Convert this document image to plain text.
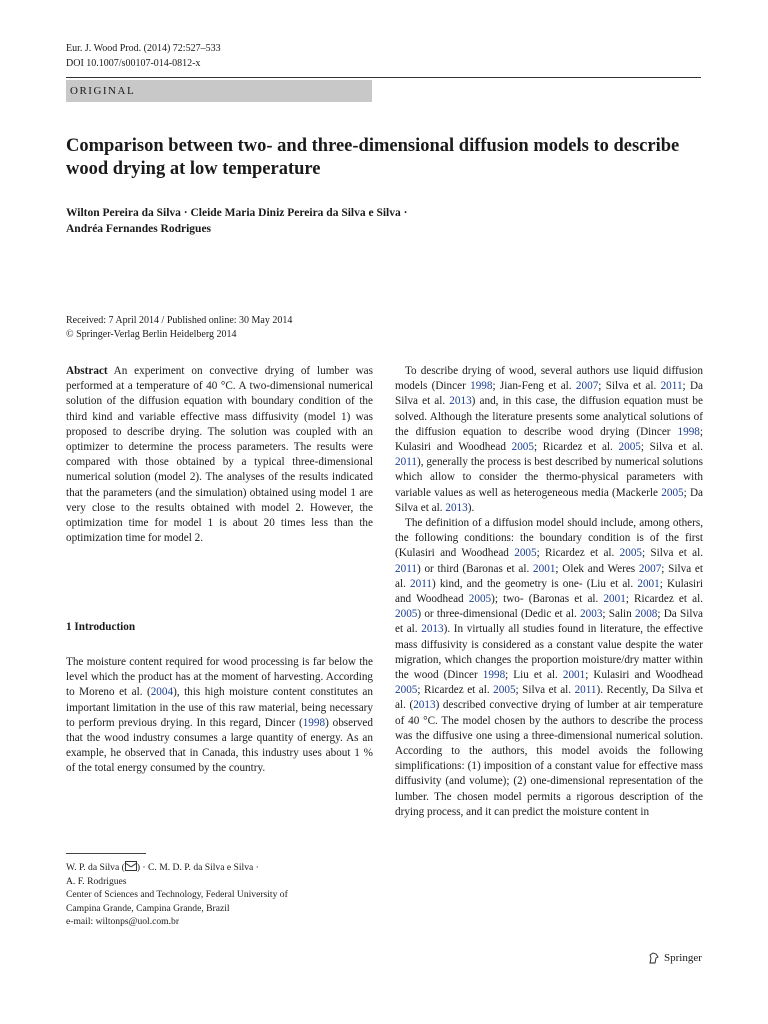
Eur. J. Wood Prod. (2014) 72:527–533
DOI 10.1007/s00107-014-0812-x
ORIGINAL
Comparison between two- and three-dimensional diffusion models to describe wood drying at low temperature
Wilton Pereira da Silva · Cleide Maria Diniz Pereira da Silva e Silva ·
Andréa Fernandes Rodrigues
Received: 7 April 2014 / Published online: 30 May 2014
© Springer-Verlag Berlin Heidelberg 2014

Abstract An experiment on convective drying of lumber was performed at a temperature of 40 °C. A two-dimensional numerical solution of the diffusion equation with boundary condition of the third kind and variable effective mass diffusivity (model 1) was proposed to describe drying. The solution was coupled with an optimizer to determine the process parameters. The results were compared with those obtained by a typical three-dimensional numerical solution (model 2). The analyses of the results indicated that the parameters (and the simulation) obtained using model 1 are very close to the results obtained with model 2. However, the optimization time for model 1 is about 20 times less than the optimization time for model 2.

1 Introduction

The moisture content required for wood processing is far below the level which the product has at the moment of harvesting. According to Moreno et al. (2004), this high moisture content constitutes an important limitation in the use of this raw material, being necessary to perform previous drying. In this regard, Dincer (1998) observed that the wood industry consumes a large quantity of energy. As an example, he observed that in Canada, this industry uses about 1 % of the total energy consumed by the country.

To describe drying of wood, several authors use liquid diffusion models (Dincer 1998; Jian-Feng et al. 2007; Silva et al. 2011; Da Silva et al. 2013) and, in this case, the diffusion equation must be solved. Although the literature presents some analytical solutions of the diffusion equation to describe wood drying (Dincer 1998; Kulasiri and Woodhead 2005; Ricardez et al. 2005; Silva et al. 2011), generally the process is best described by numerical solutions which allow to consider the thermo-physical parameters with variable values as well as heterogeneous media (Mackerle 2005; Da Silva et al. 2013).

The definition of a diffusion model should include, among others, the following conditions: the boundary condition is of the first (Kulasiri and Woodhead 2005; Ricardez et al. 2005; Silva et al. 2011) or third (Baronas et al. 2001; Olek and Weres 2007; Silva et al. 2011) kind, and the geometry is one- (Liu et al. 2001; Kulasiri and Woodhead 2005); two- (Baronas et al. 2001; Ricardez et al. 2005) or three-dimensional (Dedic et al. 2003; Salin 2008; Da Silva et al. 2013). In virtually all studies found in literature, the effective mass diffusivity is considered as a constant value despite the water migration, which changes the proportion moisture/dry matter within the wood (Dincer 1998; Liu et al. 2001; Kulasiri and Woodhead 2005; Ricardez et al. 2005; Silva et al. 2011). Recently, Da Silva et al. (2013) described convective drying of lumber at air temperature of 40 °C. The model chosen by the authors to describe the process was the diffusive one using a three-dimensional numerical solution. According to the authors, this model avoids the following simplifications: (1) imposition of a constant value for effective mass diffusivity (and volume); (2) one-dimensional representation of the lumber. The chosen model permits a rigorous description of the drying process, and it can predict the moisture content in

W. P. da Silva ( ) · C. M. D. P. da Silva e Silva ·
A. F. Rodrigues
Center of Sciences and Technology, Federal University of
Campina Grande, Campina Grande, Brazil
e-mail: wiltonps@uol.com.br
Springer
